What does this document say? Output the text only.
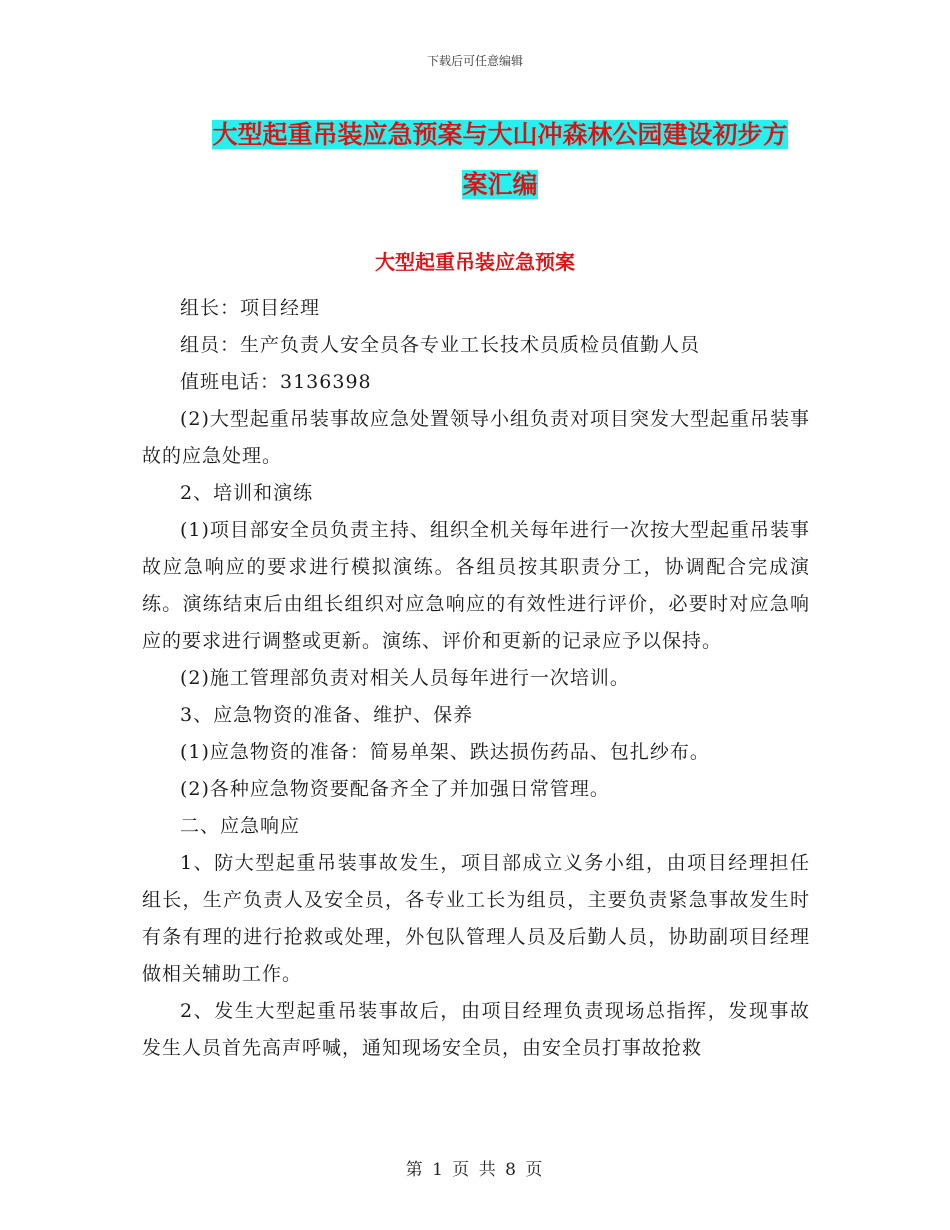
下载后可任意编辑
大型起重吊装应急预案与大山冲森林公园建设初步方
案汇编
大型起重吊装应急预案

组长：项目经理

组员：生产负责人安全员各专业工长技术员质检员值勤人员

值班电话：3136398

(2)大型起重吊装事故应急处置领导小组负责对项目突发大型起重吊装事故的应急处理。

2、培训和演练

(1)项目部安全员负责主持、组织全机关每年进行一次按大型起重吊装事故应急响应的要求进行模拟演练。各组员按其职责分工，协调配合完成演练。演练结束后由组长组织对应急响应的有效性进行评价，必要时对应急响应的要求进行调整或更新。演练、评价和更新的记录应予以保持。

(2)施工管理部负责对相关人员每年进行一次培训。

3、应急物资的准备、维护、保养

(1)应急物资的准备：简易单架、跌达损伤药品、包扎纱布。

(2)各种应急物资要配备齐全了并加强日常管理。

二、应急响应

1、防大型起重吊装事故发生，项目部成立义务小组，由项目经理担任组长，生产负责人及安全员，各专业工长为组员，主要负责紧急事故发生时有条有理的进行抢救或处理，外包队管理人员及后勤人员，协助副项目经理做相关辅助工作。

2、发生大型起重吊装事故后，由项目经理负责现场总指挥，发现事故发生人员首先高声呼喊，通知现场安全员，由安全员打事故抢救

第 1 页 共 8 页
